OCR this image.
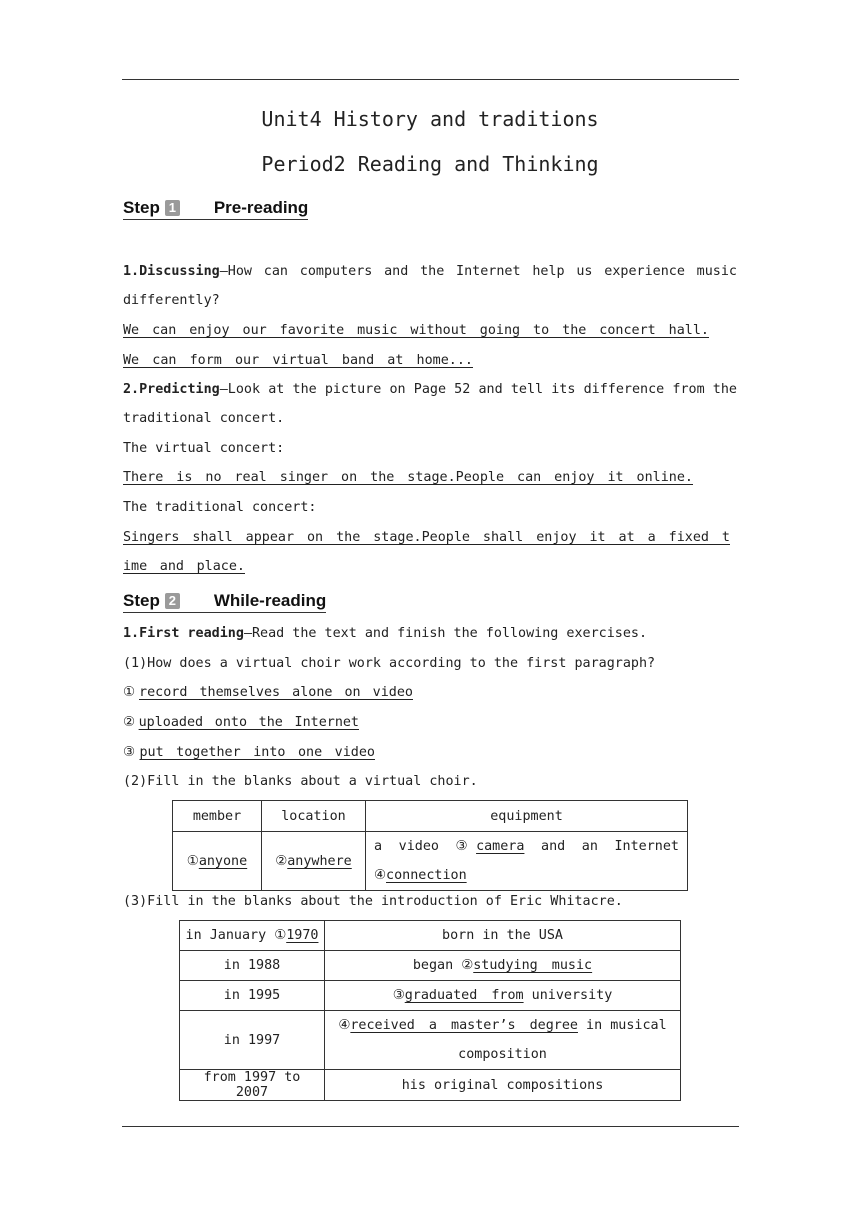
Unit4 History and traditions
Period2 Reading and Thinking
Step 1 Pre-reading
1.Discussing—How can computers and the Internet help us experience music
differently?
We can enjoy our favorite music without going to the concert hall.
We can form our virtual band at home...
2.Predicting—Look at the picture on Page 52 and tell its difference from the
traditional concert.
The virtual concert:
There is no real singer on the stage.People can enjoy it online.
The traditional concert:
Singers shall appear on the stage.People shall enjoy it at a fixed t
ime and place.
Step 2 While-reading
1.First reading—Read the text and finish the following exercises.
(1)How does a virtual choir work according to the first paragraph?
①record themselves alone on video
②uploaded onto the Internet
③put together into one video
(2)Fill in the blanks about a virtual choir.
member	location	equipment
①anyone	②anywhere	a video ③camera and an Internet
④connection
(3)Fill in the blanks about the introduction of Eric Whitacre.
in January ①1970	born in the USA
in 1988	began ②studying music
in 1995	③graduated from university
in 1997	④received a master’s degree in musical
composition

from 1997 to 2007	his original compositions
